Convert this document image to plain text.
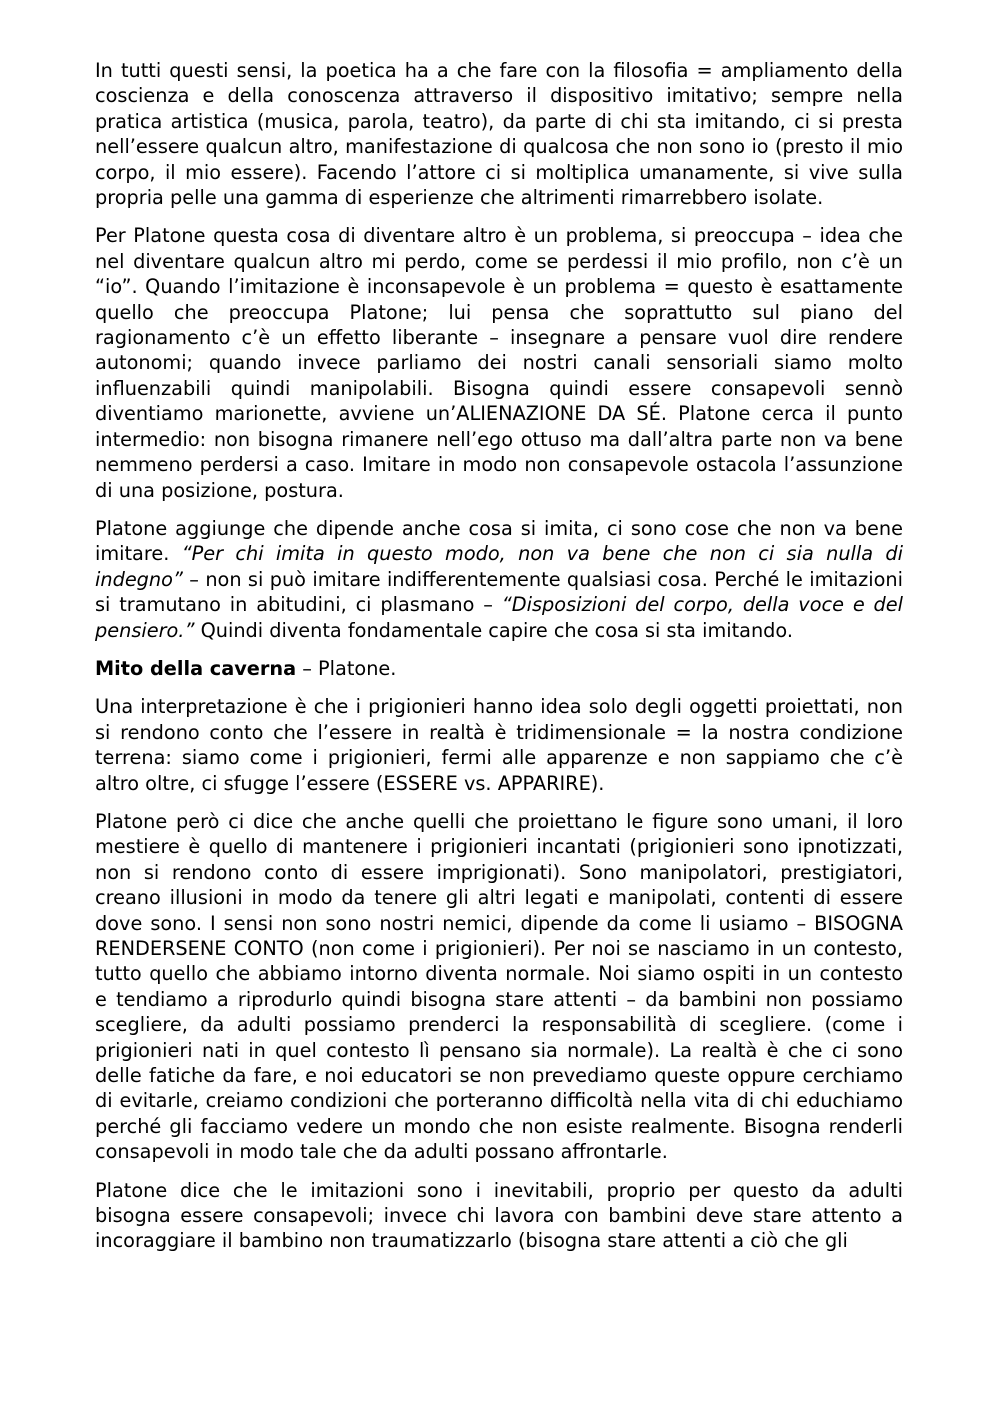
In tutti questi sensi, la poetica ha a che fare con la filosofia = ampliamento della coscienza e della conoscenza attraverso il dispositivo imitativo; sempre nella pratica artistica (musica, parola, teatro), da parte di chi sta imitando, ci si presta nell’essere qualcun altro, manifestazione di qualcosa che non sono io (presto il mio corpo, il mio essere). Facendo l’attore ci si moltiplica umanamente, si vive sulla propria pelle una gamma di esperienze che altrimenti rimarrebbero isolate.

Per Platone questa cosa di diventare altro è un problema, si preoccupa – idea che nel diventare qualcun altro mi perdo, come se perdessi il mio profilo, non c’è un “io”. Quando l’imitazione è inconsapevole è un problema = questo è esattamente quello che preoccupa Platone; lui pensa che soprattutto sul piano del ragionamento c’è un effetto liberante – insegnare a pensare vuol dire rendere autonomi; quando invece parliamo dei nostri canali sensoriali siamo molto influenzabili quindi manipolabili. Bisogna quindi essere consapevoli sennò diventiamo marionette, avviene un’ALIENAZIONE DA SÉ. Platone cerca il punto intermedio: non bisogna rimanere nell’ego ottuso ma dall’altra parte non va bene nemmeno perdersi a caso. Imitare in modo non consapevole ostacola l’assunzione di una posizione, postura.

Platone aggiunge che dipende anche cosa si imita, ci sono cose che non va bene imitare. “Per chi imita in questo modo, non va bene che non ci sia nulla di indegno” – non si può imitare indifferentemente qualsiasi cosa. Perché le imitazioni si tramutano in abitudini, ci plasmano – “Disposizioni del corpo, della voce e del pensiero.” Quindi diventa fondamentale capire che cosa si sta imitando.

Mito della caverna – Platone.

Una interpretazione è che i prigionieri hanno idea solo degli oggetti proiettati, non si rendono conto che l’essere in realtà è tridimensionale = la nostra condizione terrena: siamo come i prigionieri, fermi alle apparenze e non sappiamo che c’è altro oltre, ci sfugge l’essere (ESSERE vs. APPARIRE).

Platone però ci dice che anche quelli che proiettano le figure sono umani, il loro mestiere è quello di mantenere i prigionieri incantati (prigionieri sono ipnotizzati, non si rendono conto di essere imprigionati). Sono manipolatori, prestigiatori, creano illusioni in modo da tenere gli altri legati e manipolati, contenti di essere dove sono. I sensi non sono nostri nemici, dipende da come li usiamo – BISOGNA RENDERSENE CONTO (non come i prigionieri). Per noi se nasciamo in un contesto, tutto quello che abbiamo intorno diventa normale. Noi siamo ospiti in un contesto e tendiamo a riprodurlo quindi bisogna stare attenti – da bambini non possiamo scegliere, da adulti possiamo prenderci la responsabilità di scegliere. (come i prigionieri nati in quel contesto lì pensano sia normale). La realtà è che ci sono delle fatiche da fare, e noi educatori se non prevediamo queste oppure cerchiamo di evitarle, creiamo condizioni che porteranno difficoltà nella vita di chi educhiamo perché gli facciamo vedere un mondo che non esiste realmente. Bisogna renderli consapevoli in modo tale che da adulti possano affrontarle.

Platone dice che le imitazioni sono i inevitabili, proprio per questo da adulti bisogna essere consapevoli; invece chi lavora con bambini deve stare attento a incoraggiare il bambino non traumatizzarlo (bisogna stare attenti a ciò che gli
